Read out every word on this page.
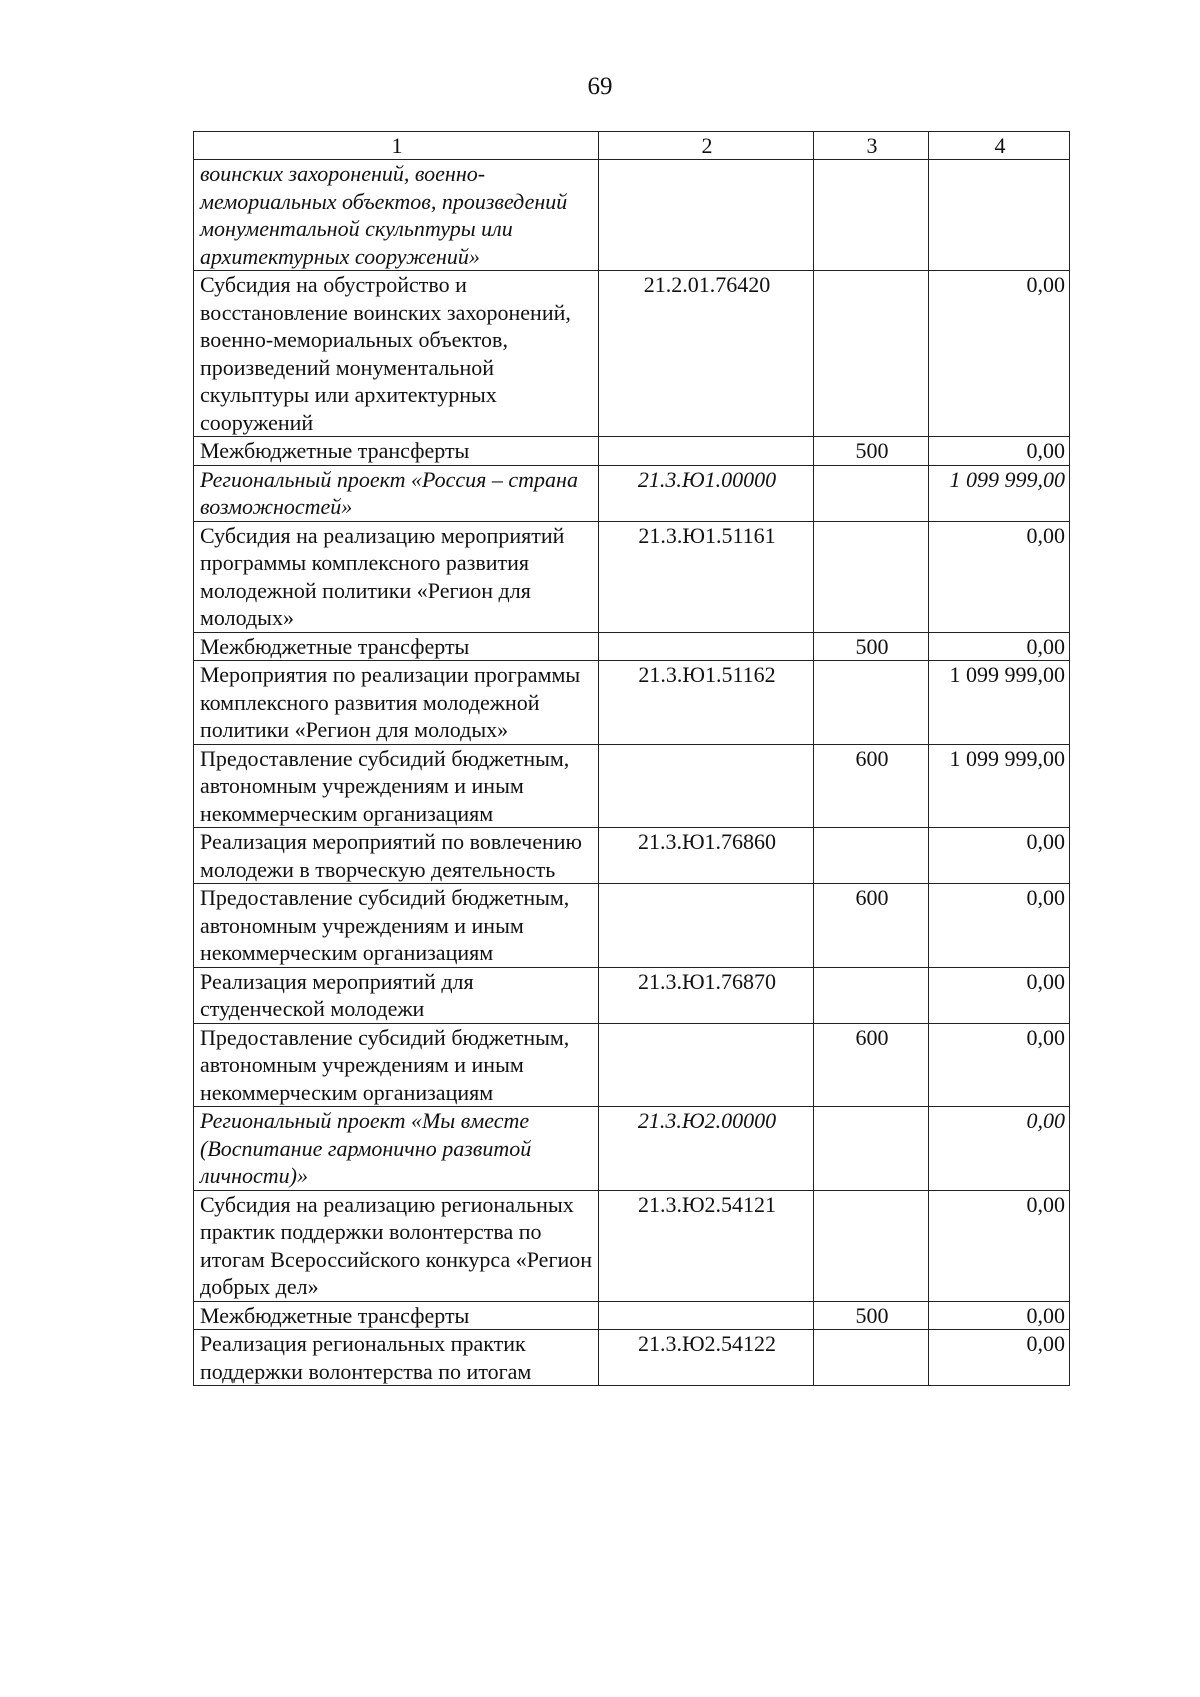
69
1	2	3	4
воинских захоронений, военно-мемориальных объектов, произведений монументальной скульптуры или архитектурных сооружений»			
Субсидия на обустройство и восстановление воинских захоронений, военно-мемориальных объектов, произведений монументальной скульптуры или архитектурных сооружений	21.2.01.76420		0,00
Межбюджетные трансферты		500	0,00
Региональный проект «Россия – страна возможностей»	21.3.Ю1.00000		1 099 999,00
Субсидия на реализацию мероприятий программы комплексного развития молодежной политики «Регион для молодых»	21.3.Ю1.51161		0,00
Межбюджетные трансферты		500	0,00
Мероприятия по реализации программы комплексного развития молодежной политики «Регион для молодых»	21.3.Ю1.51162		1 099 999,00
Предоставление субсидий бюджетным, автономным учреждениям и иным некоммерческим организациям		600	1 099 999,00
Реализация мероприятий по вовлечению молодежи в творческую деятельность	21.3.Ю1.76860		0,00
Предоставление субсидий бюджетным, автономным учреждениям и иным некоммерческим организациям		600	0,00
Реализация мероприятий для студенческой молодежи	21.3.Ю1.76870		0,00
Предоставление субсидий бюджетным, автономным учреждениям и иным некоммерческим организациям		600	0,00
Региональный проект «Мы вместе (Воспитание гармонично развитой личности)»	21.3.Ю2.00000		0,00
Субсидия на реализацию региональных практик поддержки волонтерства по итогам Всероссийского конкурса «Регион добрых дел»	21.3.Ю2.54121		0,00
Межбюджетные трансферты		500	0,00
Реализация региональных практик поддержки волонтерства по итогам	21.3.Ю2.54122		0,00
